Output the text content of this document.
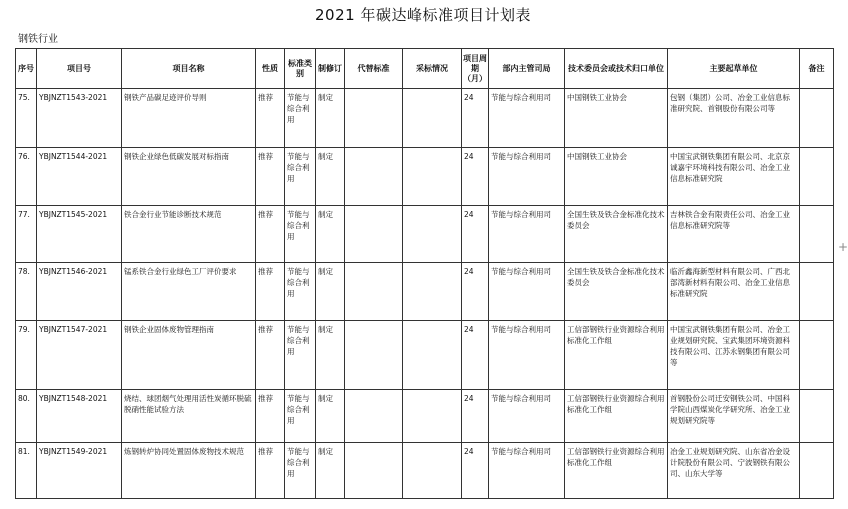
2021 年碳达峰标准项目计划表
钢铁行业
序号	项目号	项目名称	性质	标准类别	制修订	代替标准	采标情况	项目周期（月）	部内主管司局	技术委员会或技术归口单位	主要起草单位	备注
75.	YBJNZT1543-2021	钢铁产品碳足迹评价导则	推荐	节能与综合利用	制定			24	节能与综合利用司	中国钢铁工业协会	包钢（集团）公司、冶金工业信息标准研究院、首钢股份有限公司等	
76.	YBJNZT1544-2021	钢铁企业绿色低碳发展对标指南	推荐	节能与综合利用	制定			24	节能与综合利用司	中国钢铁工业协会	中国宝武钢铁集团有限公司、北京京诚嘉宇环境科技有限公司、冶金工业信息标准研究院	
77.	YBJNZT1545-2021	铁合金行业节能诊断技术规范	推荐	节能与综合利用	制定			24	节能与综合利用司	全国生铁及铁合金标准化技术委员会	吉林铁合金有限责任公司、冶金工业信息标准研究院等	
78.	YBJNZT1546-2021	锰系铁合金行业绿色工厂评价要求	推荐	节能与综合利用	制定			24	节能与综合利用司	全国生铁及铁合金标准化技术委员会	临沂鑫海新型材料有限公司、广西北部湾新材料有限公司、冶金工业信息标准研究院	
79.	YBJNZT1547-2021	钢铁企业固体废物管理指南	推荐	节能与综合利用	制定			24	节能与综合利用司	工信部钢铁行业资源综合利用标准化工作组	中国宝武钢铁集团有限公司、冶金工业规划研究院、宝武集团环境资源科技有限公司、江苏永钢集团有限公司等	
80.	YBJNZT1548-2021	烧结、球团烟气处理用活性炭循环脱硫脱硝性能试验方法	推荐	节能与综合利用	制定			24	节能与综合利用司	工信部钢铁行业资源综合利用标准化工作组	首钢股份公司迁安钢铁公司、中国科学院山西煤炭化学研究所、冶金工业规划研究院等	
81.	YBJNZT1549-2021	炼钢转炉协同处置固体废物技术规范	推荐	节能与综合利用	制定			24	节能与综合利用司	工信部钢铁行业资源综合利用标准化工作组	冶金工业规划研究院、山东省冶金设计院股份有限公司、宁波钢铁有限公司、山东大学等	
+
